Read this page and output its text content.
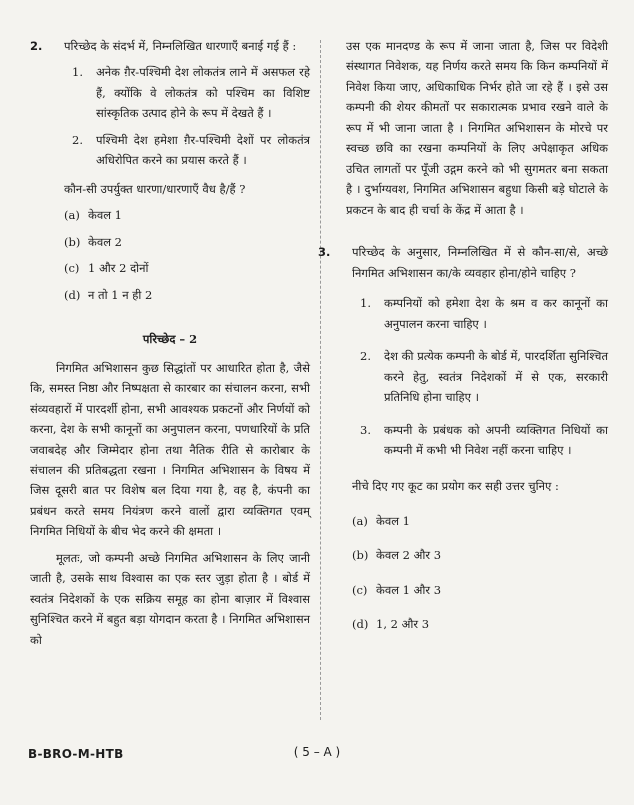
2. परिच्छेद के संदर्भ में, निम्नलिखित धारणाएँ बनाई गई हैं :
1. अनेक ग़ैर-पश्चिमी देश लोकतंत्र लाने में असफल रहे हैं, क्योंकि वे लोकतंत्र को पश्चिम का विशिष्ट सांस्कृतिक उत्पाद होने के रूप में देखते हैं ।
2. पश्चिमी देश हमेशा ग़ैर-पश्चिमी देशों पर लोकतंत्र अधिरोपित करने का प्रयास करते हैं ।
कौन-सी उपर्युक्त धारणा/धारणाएँ वैध है/हैं ?
(a) केवल 1
(b) केवल 2
(c) 1 और 2 दोनों
(d) न तो 1 न ही 2
परिच्छेद – 2

निगमित अभिशासन कुछ सिद्धांतों पर आधारित होता है, जैसे कि, समस्त निष्ठा और निष्पक्षता से कारबार का संचालन करना, सभी संव्यवहारों में पारदर्शी होना, सभी आवश्यक प्रकटनों और निर्णयों को करना, देश के सभी कानूनों का अनुपालन करना, पणधारियों के प्रति जवाबदेह और जिम्मेदार होना तथा नैतिक रीति से कारोबार के संचालन की प्रतिबद्धता रखना । निगमित अभिशासन के विषय में जिस दूसरी बात पर विशेष बल दिया गया है, वह है, कंपनी का प्रबंधन करते समय नियंत्रण करने वालों द्वारा व्यक्तिगत एवम् निगमित निधियों के बीच भेद करने की क्षमता ।

मूलतः, जो कम्पनी अच्छे निगमित अभिशासन के लिए जानी जाती है, उसके साथ विश्वास का एक स्तर जुड़ा होता है । बोर्ड में स्वतंत्र निदेशकों के एक सक्रिय समूह का होना बाज़ार में विश्वास सुनिश्चित करने में बहुत बड़ा योगदान करता है । निगमित अभिशासन को

उस एक मानदण्ड के रूप में जाना जाता है, जिस पर विदेशी संस्थागत निवेशक, यह निर्णय करते समय कि किन कम्पनियों में निवेश किया जाए, अधिकाधिक निर्भर होते जा रहे हैं । इसे उस कम्पनी की शेयर कीमतों पर सकारात्मक प्रभाव रखने वाले के रूप में भी जाना जाता है । निगमित अभिशासन के मोरचे पर स्वच्छ छवि का रखना कम्पनियों के लिए अपेक्षाकृत अधिक उचित लागतों पर पूँजी उद्गम करने को भी सुगमतर बना सकता है । दुर्भाग्यवश, निगमित अभिशासन बहुधा किसी बड़े घोटाले के प्रकटन के बाद ही चर्चा के केंद्र में आता है ।

3. परिच्छेद के अनुसार, निम्नलिखित में से कौन-सा/से, अच्छे निगमित अभिशासन का/के व्यवहार होना/होने चाहिए ?
1. कम्पनियों को हमेशा देश के श्रम व कर कानूनों का अनुपालन करना चाहिए ।
2. देश की प्रत्येक कम्पनी के बोर्ड में, पारदर्शिता सुनिश्चित करने हेतु, स्वतंत्र निदेशकों में से एक, सरकारी प्रतिनिधि होना चाहिए ।
3. कम्पनी के प्रबंधक को अपनी व्यक्तिगत निधियों का कम्पनी में कभी भी निवेश नहीं करना चाहिए ।
नीचे दिए गए कूट का प्रयोग कर सही उत्तर चुनिए :
(a) केवल 1
(b) केवल 2 और 3
(c) केवल 1 और 3
(d) 1, 2 और 3
B-BRO-M-HTB	( 5 – A )
